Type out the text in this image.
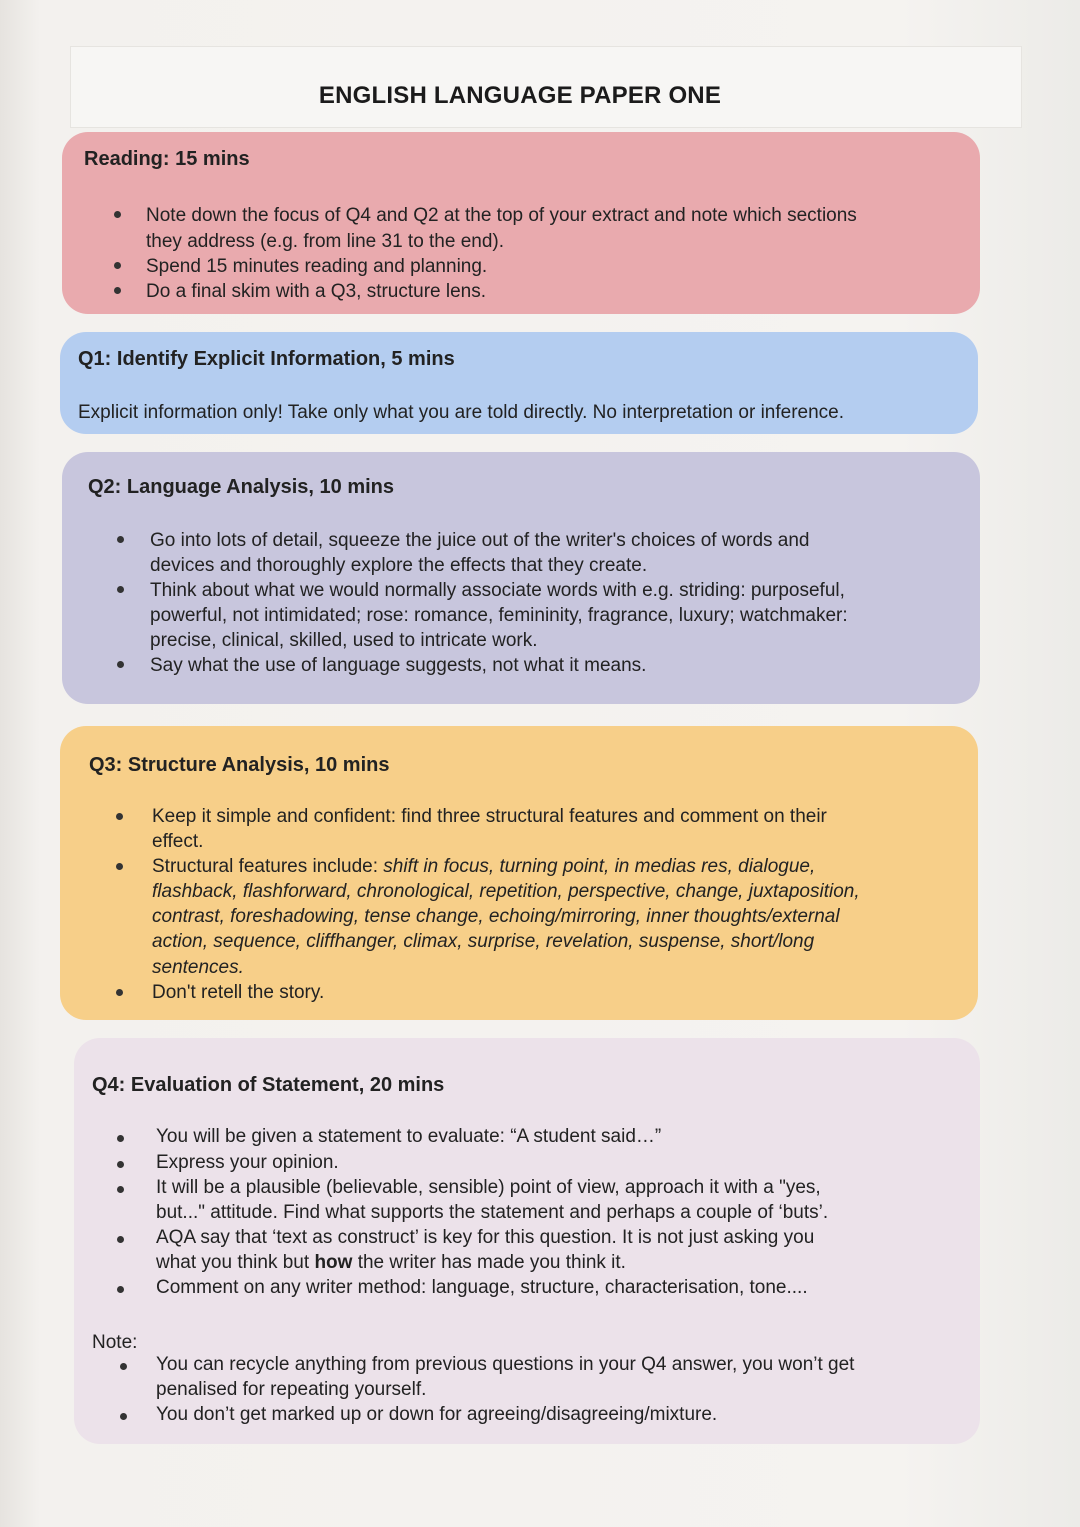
ENGLISH LANGUAGE PAPER ONE
Reading: 15 mins
Note down the focus of Q4 and Q2 at the top of your extract and note which sections
they address (e.g. from line 31 to the end).
Spend 15 minutes reading and planning.
Do a final skim with a Q3, structure lens.
Q1: Identify Explicit Information, 5 mins
Explicit information only! Take only what you are told directly. No interpretation or inference.
Q2: Language Analysis, 10 mins
Go into lots of detail, squeeze the juice out of the writer's choices of words and
devices and thoroughly explore the effects that they create.
Think about what we would normally associate words with e.g. striding: purposeful,
powerful, not intimidated; rose: romance, femininity, fragrance, luxury; watchmaker:
precise, clinical, skilled, used to intricate work.
Say what the use of language suggests, not what it means.
Q3: Structure Analysis, 10 mins
Keep it simple and confident: find three structural features and comment on their
effect.
Structural features include: shift in focus, turning point, in medias res, dialogue,
flashback, flashforward, chronological, repetition, perspective, change, juxtaposition,
contrast, foreshadowing, tense change, echoing/mirroring, inner thoughts/external
action, sequence, cliffhanger, climax, surprise, revelation, suspense, short/long
sentences.
Don't retell the story.
Q4: Evaluation of Statement, 20 mins
You will be given a statement to evaluate: “A student said…”
Express your opinion.
It will be a plausible (believable, sensible) point of view, approach it with a "yes,
but..." attitude. Find what supports the statement and perhaps a couple of ‘buts’.
AQA say that ‘text as construct’ is key for this question. It is not just asking you
what you think but how the writer has made you think it.
Comment on any writer method: language, structure, characterisation, tone....
Note:
You can recycle anything from previous questions in your Q4 answer, you won’t get
penalised for repeating yourself.
You don’t get marked up or down for agreeing/disagreeing/mixture.
